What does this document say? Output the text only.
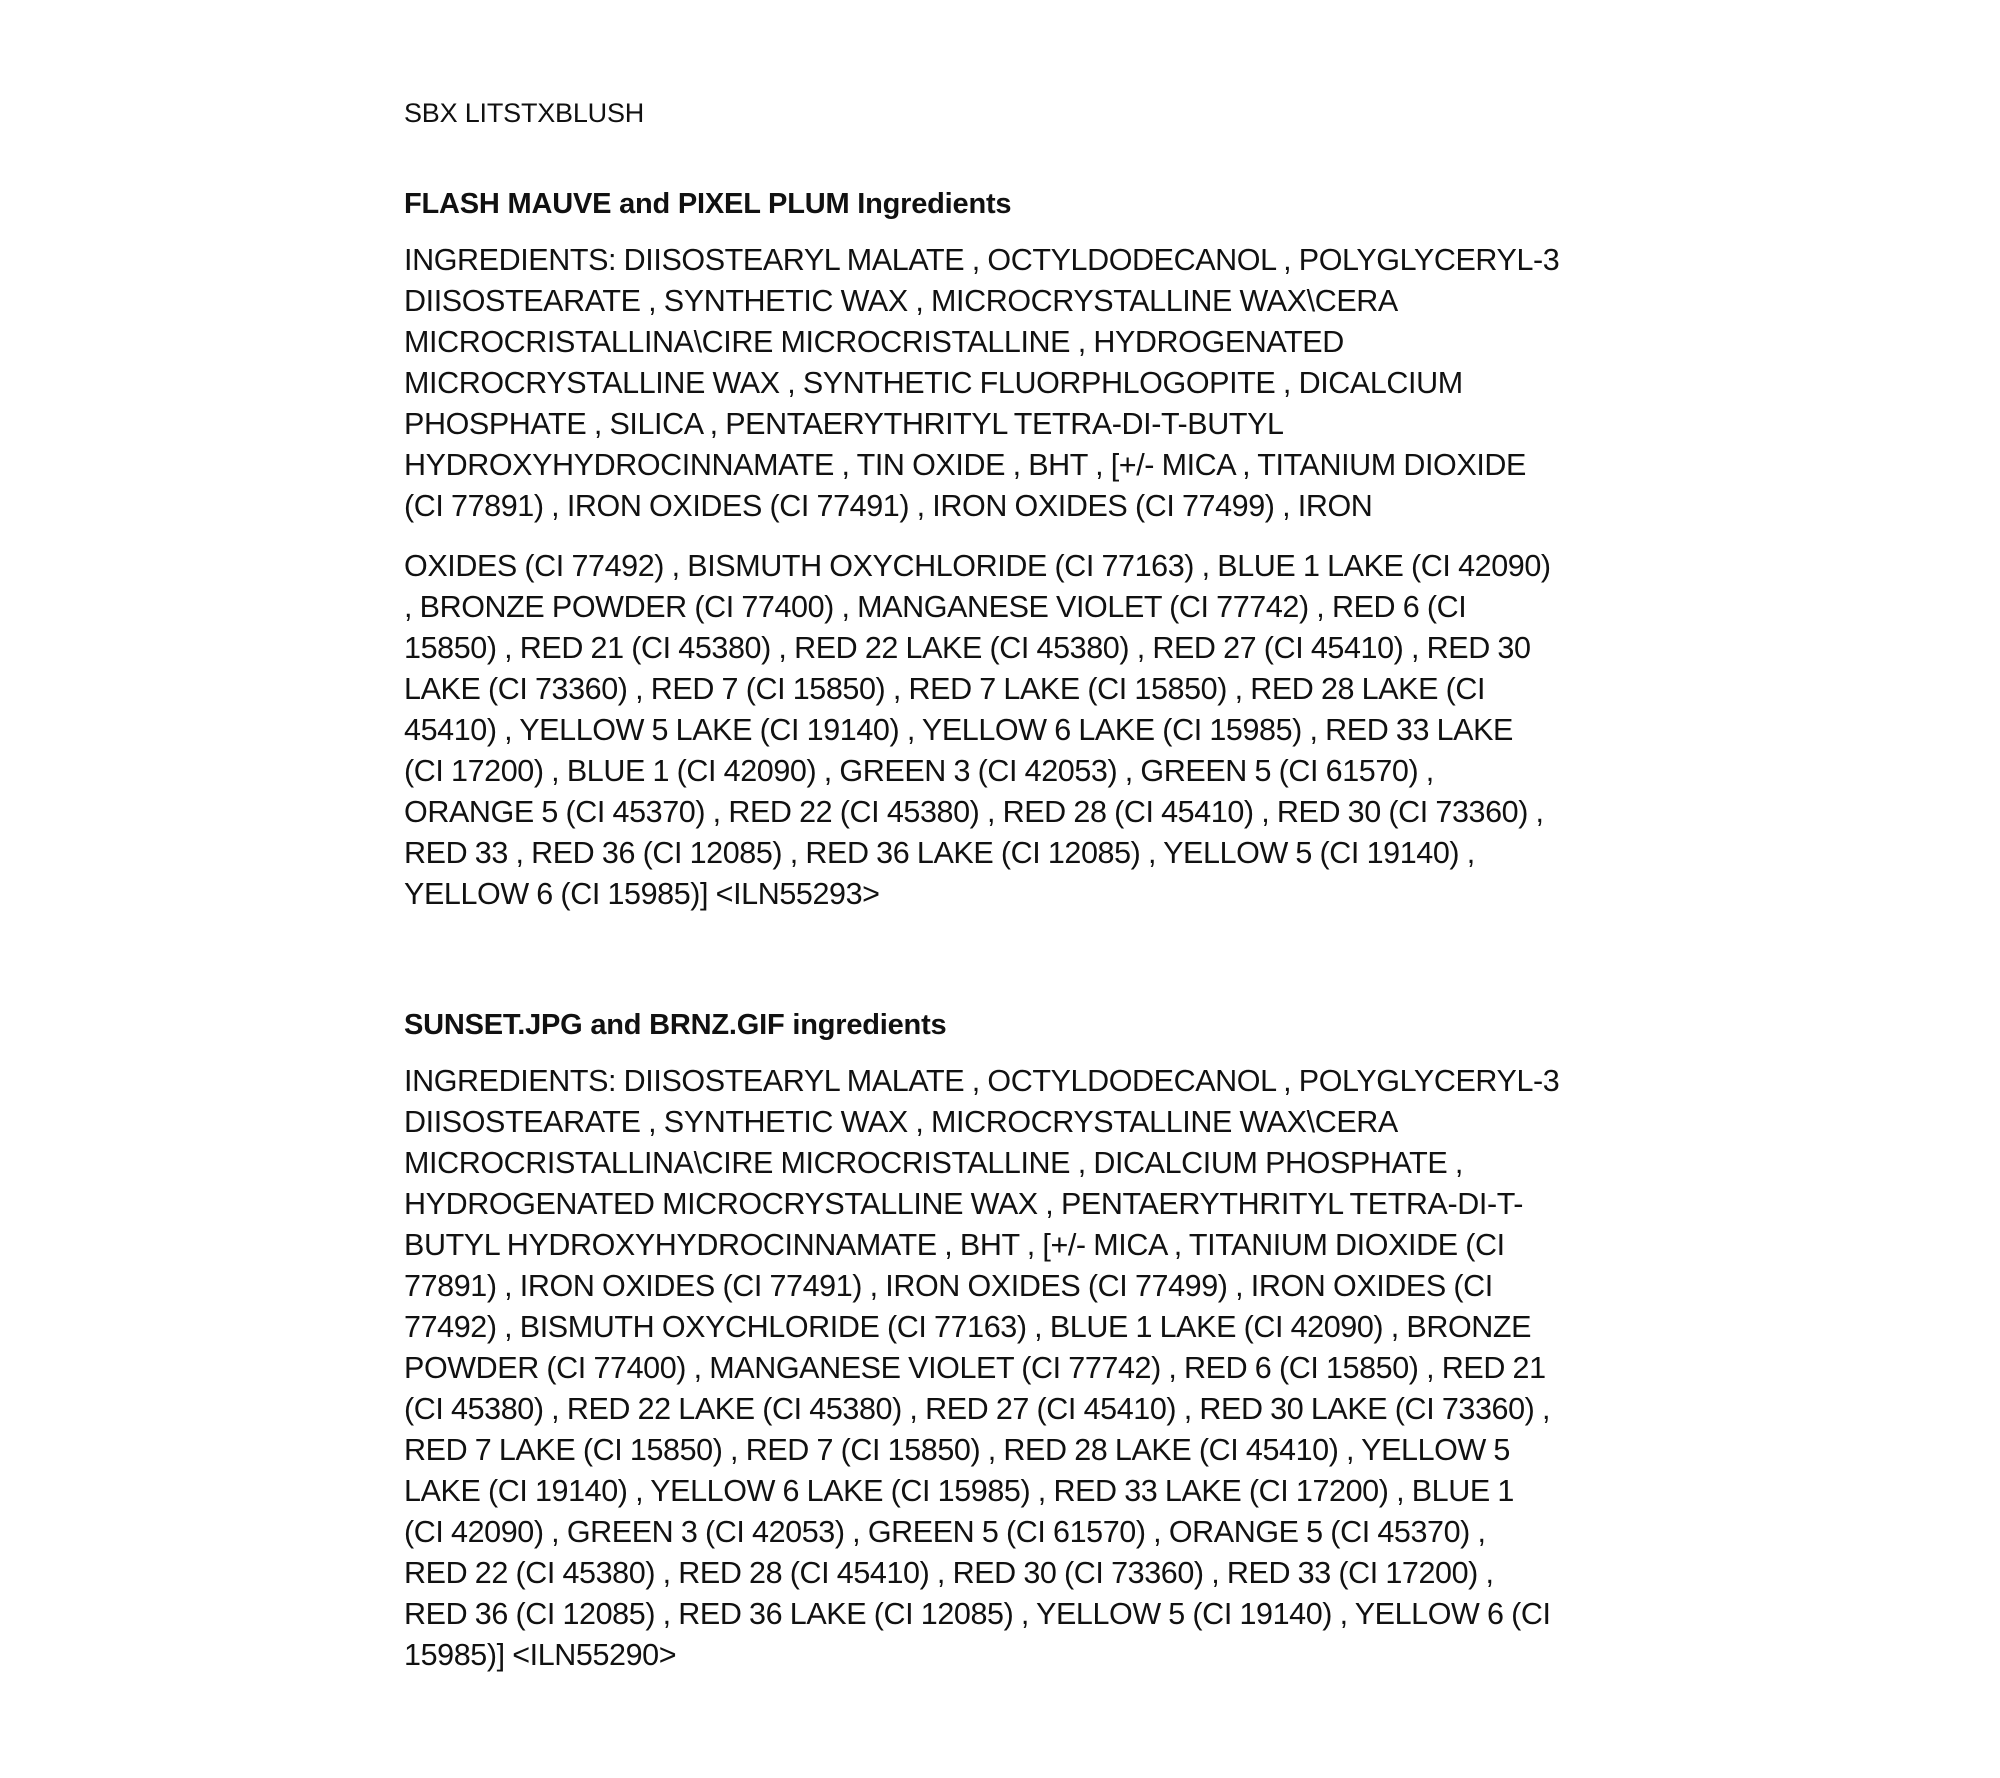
SBX LITSTXBLUSH

FLASH MAUVE and PIXEL PLUM Ingredients

INGREDIENTS: DIISOSTEARYL MALATE , OCTYLDODECANOL , POLYGLYCERYL-3
DIISOSTEARATE , SYNTHETIC WAX , MICROCRYSTALLINE WAX\CERA
MICROCRISTALLINA\CIRE MICROCRISTALLINE , HYDROGENATED
MICROCRYSTALLINE WAX , SYNTHETIC FLUORPHLOGOPITE , DICALCIUM
PHOSPHATE , SILICA , PENTAERYTHRITYL TETRA-DI-T-BUTYL
HYDROXYHYDROCINNAMATE , TIN OXIDE , BHT , [+/- MICA , TITANIUM DIOXIDE
(CI 77891) , IRON OXIDES (CI 77491) , IRON OXIDES (CI 77499) , IRON

OXIDES (CI 77492) , BISMUTH OXYCHLORIDE (CI 77163) , BLUE 1 LAKE (CI 42090)
, BRONZE POWDER (CI 77400) , MANGANESE VIOLET (CI 77742) , RED 6 (CI
15850) , RED 21 (CI 45380) , RED 22 LAKE (CI 45380) , RED 27 (CI 45410) , RED 30
LAKE (CI 73360) , RED 7 (CI 15850) , RED 7 LAKE (CI 15850) , RED 28 LAKE (CI
45410) , YELLOW 5 LAKE (CI 19140) , YELLOW 6 LAKE (CI 15985) , RED 33 LAKE
(CI 17200) , BLUE 1 (CI 42090) , GREEN 3 (CI 42053) , GREEN 5 (CI 61570) ,
ORANGE 5 (CI 45370) , RED 22 (CI 45380) , RED 28 (CI 45410) , RED 30 (CI 73360) ,
RED 33 , RED 36 (CI 12085) , RED 36 LAKE (CI 12085) , YELLOW 5 (CI 19140) ,
YELLOW 6 (CI 15985)] <ILN55293>

SUNSET.JPG and BRNZ.GIF ingredients

INGREDIENTS: DIISOSTEARYL MALATE , OCTYLDODECANOL , POLYGLYCERYL-3
DIISOSTEARATE , SYNTHETIC WAX , MICROCRYSTALLINE WAX\CERA
MICROCRISTALLINA\CIRE MICROCRISTALLINE , DICALCIUM PHOSPHATE ,
HYDROGENATED MICROCRYSTALLINE WAX , PENTAERYTHRITYL TETRA-DI-T-
BUTYL HYDROXYHYDROCINNAMATE , BHT , [+/- MICA , TITANIUM DIOXIDE (CI
77891) , IRON OXIDES (CI 77491) , IRON OXIDES (CI 77499) , IRON OXIDES (CI
77492) , BISMUTH OXYCHLORIDE (CI 77163) , BLUE 1 LAKE (CI 42090) , BRONZE
POWDER (CI 77400) , MANGANESE VIOLET (CI 77742) , RED 6 (CI 15850) , RED 21
(CI 45380) , RED 22 LAKE (CI 45380) , RED 27 (CI 45410) , RED 30 LAKE (CI 73360) ,
RED 7 LAKE (CI 15850) , RED 7 (CI 15850) , RED 28 LAKE (CI 45410) , YELLOW 5
LAKE (CI 19140) , YELLOW 6 LAKE (CI 15985) , RED 33 LAKE (CI 17200) , BLUE 1
(CI 42090) , GREEN 3 (CI 42053) , GREEN 5 (CI 61570) , ORANGE 5 (CI 45370) ,
RED 22 (CI 45380) , RED 28 (CI 45410) , RED 30 (CI 73360) , RED 33 (CI 17200) ,
RED 36 (CI 12085) , RED 36 LAKE (CI 12085) , YELLOW 5 (CI 19140) , YELLOW 6 (CI
15985)] <ILN55290>
